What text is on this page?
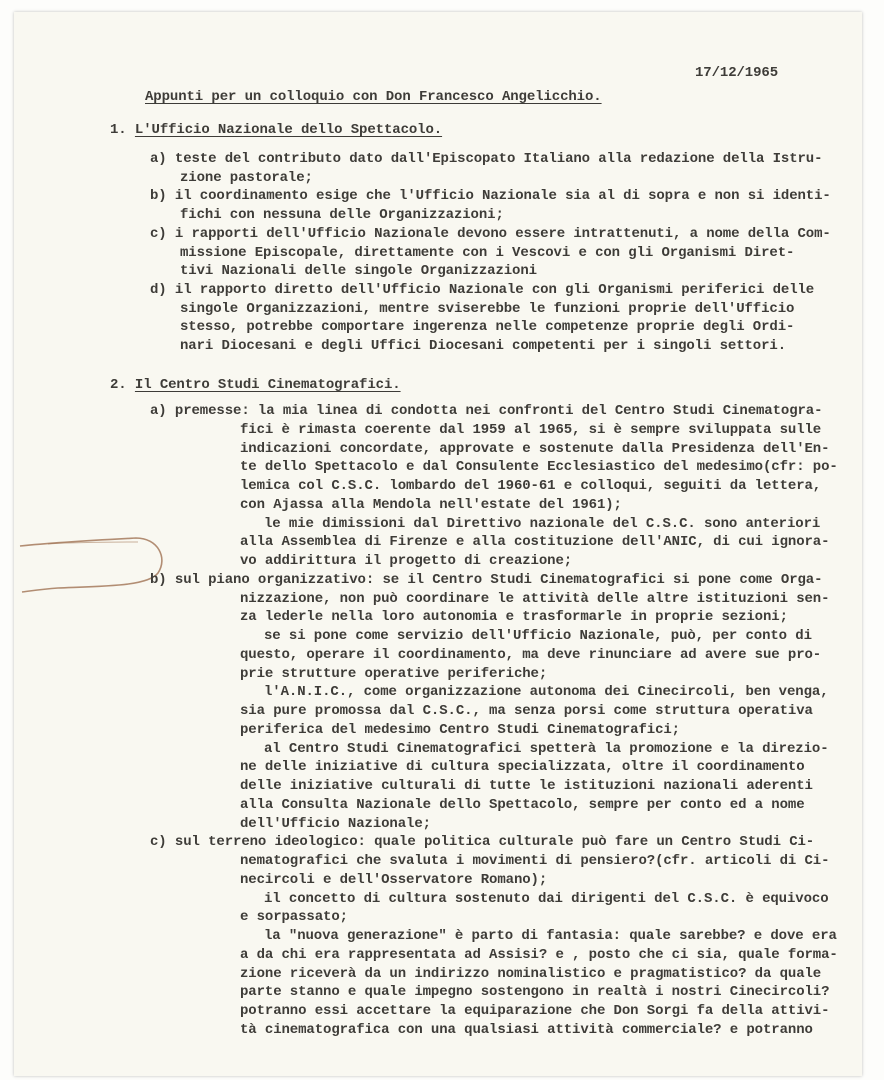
17/12/1965
Appunti per un colloquio con Don Francesco Angelicchio.
1. L'Ufficio Nazionale dello Spettacolo.
a) teste del contributo dato dall'Episcopato Italiano alla redazione della Istru-
zione pastorale;
b) il coordinamento esige che l'Ufficio Nazionale sia al di sopra e non si identi-
fichi con nessuna delle Organizzazioni;
c) i rapporti dell'Ufficio Nazionale devono essere intrattenuti, a nome della Com-
missione Episcopale, direttamente con i Vescovi e con gli Organismi Diret-
tivi Nazionali delle singole Organizzazioni
d) il rapporto diretto dell'Ufficio Nazionale con gli Organismi periferici delle
singole Organizzazioni, mentre sviserebbe le funzioni proprie dell'Ufficio
stesso, potrebbe comportare ingerenza nelle competenze proprie degli Ordi-
nari Diocesani e degli Uffici Diocesani competenti per i singoli settori.
2. Il Centro Studi Cinematografici.
a) premesse: la mia linea di condotta nei confronti del Centro Studi Cinematogra-
fici è rimasta coerente dal 1959 al 1965, si è sempre sviluppata sulle
indicazioni concordate, approvate e sostenute dalla Presidenza dell'En-
te dello Spettacolo e dal Consulente Ecclesiastico del medesimo(cfr: po-
lemica col C.S.C. lombardo del 1960-61 e colloqui, seguiti da lettera,
con Ajassa alla Mendola nell'estate del 1961);
le mie dimissioni dal Direttivo nazionale del C.S.C. sono anteriori
alla Assemblea di Firenze e alla costituzione dell'ANIC, di cui ignora-
vo addirittura il progetto di creazione;
b) sul piano organizzativo: se il Centro Studi Cinematografici si pone come Orga-
nizzazione, non può coordinare le attività delle altre istituzioni sen-
za lederle nella loro autonomia e trasformarle in proprie sezioni;
se si pone come servizio dell'Ufficio Nazionale, può, per conto di
questo, operare il coordinamento, ma deve rinunciare ad avere sue pro-
prie strutture operative periferiche;
l'A.N.I.C., come organizzazione autonoma dei Cinecircoli, ben venga,
sia pure promossa dal C.S.C., ma senza porsi come struttura operativa
periferica del medesimo Centro Studi Cinematografici;
al Centro Studi Cinematografici spetterà la promozione e la direzio-
ne delle iniziative di cultura specializzata, oltre il coordinamento
delle iniziative culturali di tutte le istituzioni nazionali aderenti
alla Consulta Nazionale dello Spettacolo, sempre per conto ed a nome
dell'Ufficio Nazionale;
c) sul terreno ideologico: quale politica culturale può fare un Centro Studi Ci-
nematografici che svaluta i movimenti di pensiero?(cfr. articoli di Ci-
necircoli e dell'Osservatore Romano);
il concetto di cultura sostenuto dai dirigenti del C.S.C. è equivoco
e sorpassato;
la "nuova generazione" è parto di fantasia: quale sarebbe? e dove era
a da chi era rappresentata ad Assisi? e , posto che ci sia, quale forma-
zione riceverà da un indirizzo nominalistico e pragmatistico? da quale
parte stanno e quale impegno sostengono in realtà i nostri Cinecircoli?
potranno essi accettare la equiparazione che Don Sorgi fa della attivi-
tà cinematografica con una qualsiasi attività commerciale? e potranno
